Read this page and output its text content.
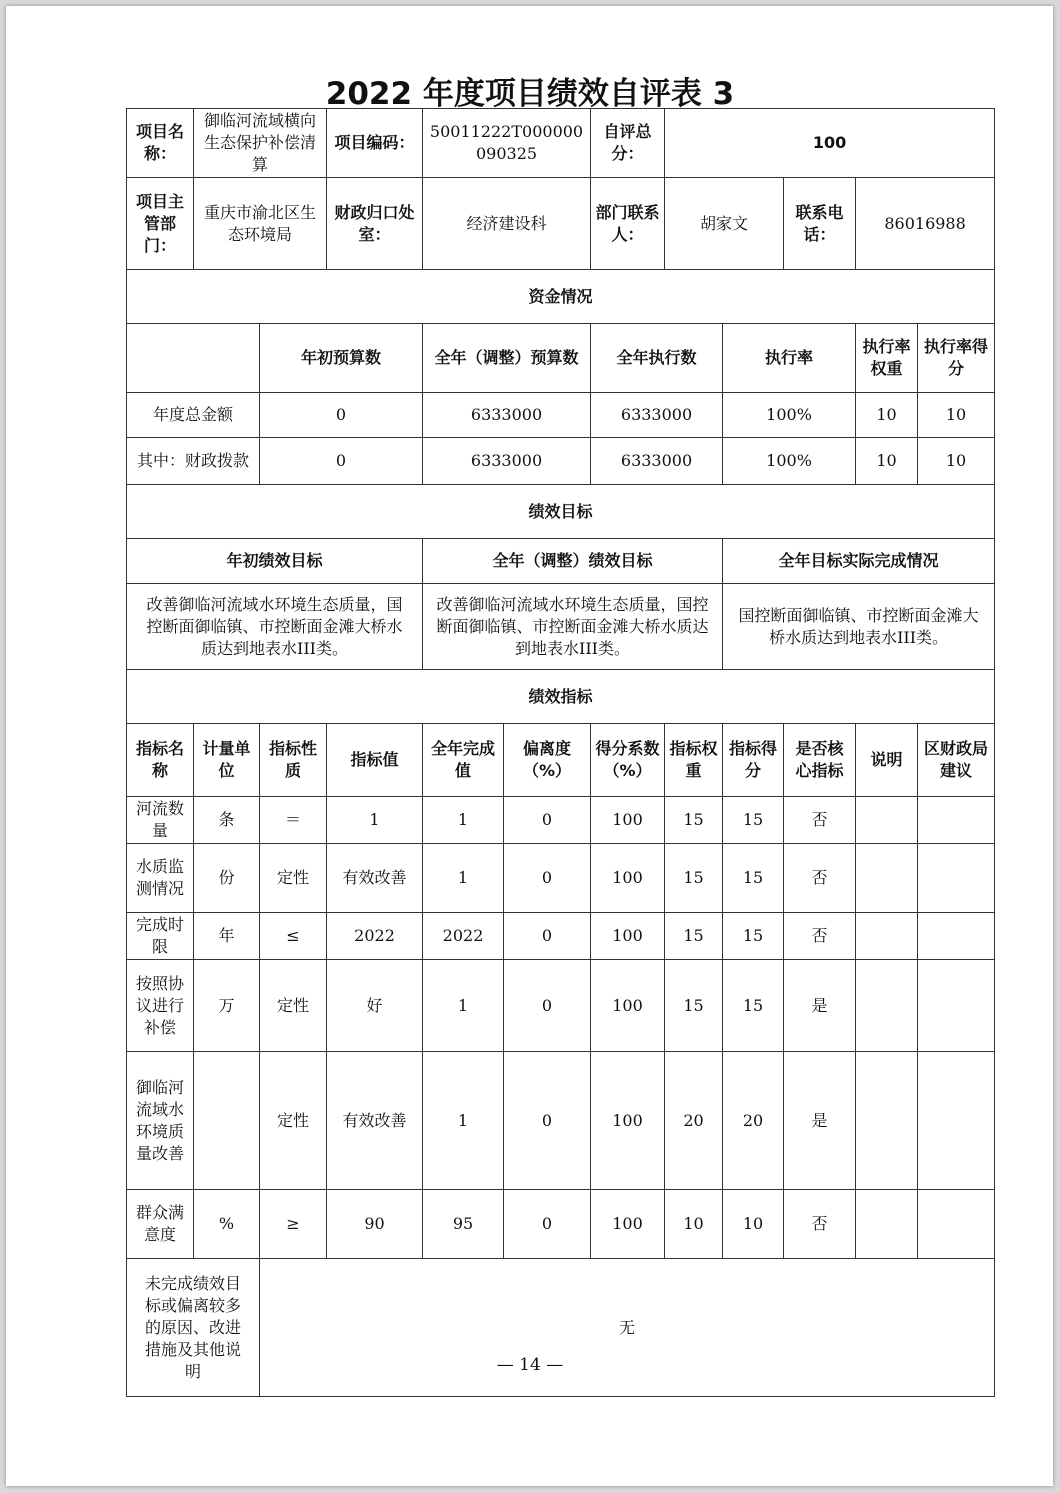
2022 年度项目绩效自评表 3
项目名称：	御临河流域横向生态保护补偿清算		项目编码：	50011222T000000090325		自评总分：	100				
项目主管部门：	重庆市渝北区生态环境局		财政归口处室：	经济建设科		部门联系人：	胡家文		联系电话：	86016988	
资金情况											
		年初预算数		全年（调整）预算数		全年执行数		执行率		执行率权重	执行率得分
年度总金额		0		6333000		6333000		100%		10	10
其中：财政拨款		0		6333000		6333000		100%		10	10
绩效目标											
年初绩效目标				全年（调整）绩效目标				全年目标实际完成情况			
改善御临河流域水环境生态质量，国控断面御临镇、市控断面金滩大桥水质达到地表水III类。				改善御临河流域水环境生态质量，国控断面御临镇、市控断面金滩大桥水质达到地表水III类。				国控断面御临镇、市控断面金滩大桥水质达到地表水III类。			
绩效指标											
指标名称	计量单位	指标性质	指标值	全年完成值	偏离度（%）	得分系数（%）	指标权重	指标得分	是否核心指标	说明	区财政局建议
河流数量	条	＝	1	1	0	100	15	15	否		
水质监测情况	份	定性	有效改善	1	0	100	15	15	否		
完成时限	年	≤	2022	2022	0	100	15	15	否		
按照协议进行补偿	万	定性	好	1	0	100	15	15	是		
御临河流域水环境质量改善		定性	有效改善	1	0	100	20	20	是		
群众满意度	%	≥	90	95	0	100	10	10	否		
未完成绩效目标或偏离较多的原因、改进措施及其他说明		无									
— 14 —
